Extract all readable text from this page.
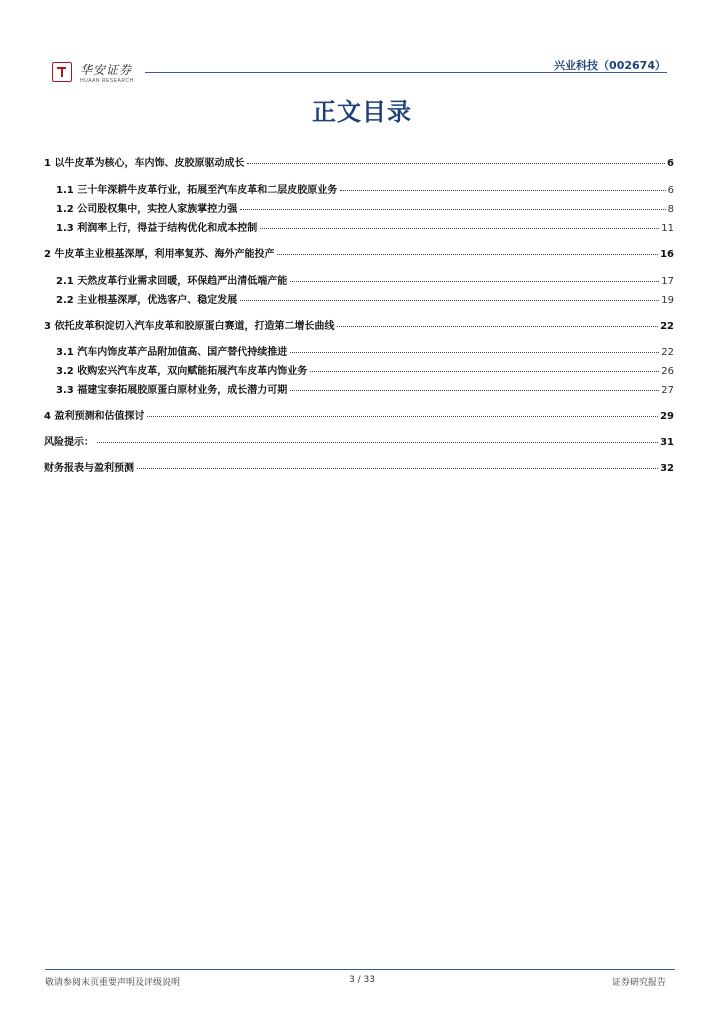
华安证券
HUAAN RESEARCH
兴业科技（002674）
正文目录
1 以牛皮革为核心，车内饰、皮胶原驱动成长	6
1.1 三十年深耕牛皮革行业，拓展至汽车皮革和二层皮胶原业务	6
1.2 公司股权集中，实控人家族掌控力强	8
1.3 利润率上行，得益于结构优化和成本控制	11
2 牛皮革主业根基深厚，利用率复苏、海外产能投产	16
2.1 天然皮革行业需求回暖，环保趋严出清低端产能	17
2.2 主业根基深厚，优选客户、稳定发展	19
3 依托皮革积淀切入汽车皮革和胶原蛋白赛道，打造第二增长曲线	22
3.1 汽车内饰皮革产品附加值高、国产替代持续推进	22
3.2 收购宏兴汽车皮革，双向赋能拓展汽车皮革内饰业务	26
3.3 福建宝泰拓展胶原蛋白原材业务，成长潜力可期	27
4 盈利预测和估值探讨	29
风险提示：	31
财务报表与盈利预测	32
敬请参阅末页重要声明及评级说明	3 / 33	证券研究报告
